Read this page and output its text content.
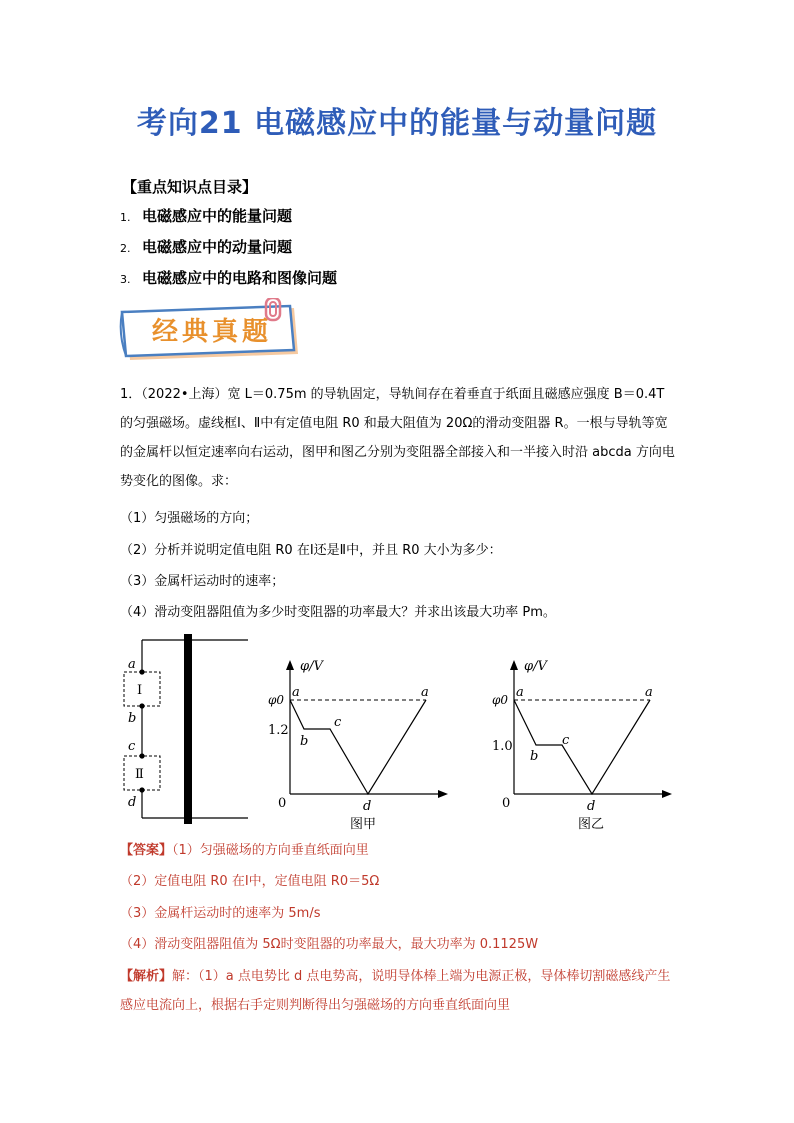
考向21 电磁感应中的能量与动量问题
【重点知识点目录】
1. 电磁感应中的能量问题
2. 电磁感应中的动量问题
3. 电磁感应中的电路和图像问题
经典真题
1．（2022•上海）宽 L＝0.75m 的导轨固定，导轨间存在着垂直于纸面且磁感应强度 B＝0.4T 的匀强磁场。虚线框Ⅰ、Ⅱ中有定值电阻 R0 和最大阻值为 20Ω的滑动变阻器 R。一根与导轨等宽的金属杆以恒定速率向右运动，图甲和图乙分别为变阻器全部接入和一半接入时沿 abcda 方向电势变化的图像。求：
（1）匀强磁场的方向；
（2）分析并说明定值电阻 R0 在Ⅰ还是Ⅱ中，并且 R0 大小为多少：
（3）金属杆运动时的速率；
（4）滑动变阻器阻值为多少时变阻器的功率最大？并求出该最大功率 Pm。
a
b
c
d
Ⅰ
Ⅱ
φ/V
φ0
1.2
0
a
b
c
d
a
图甲
φ/V
φ0
1.0
0
a
b
c
d
a
图乙
【答案】（1）匀强磁场的方向垂直纸面向里
（2）定值电阻 R0 在Ⅰ中，定值电阻 R0＝5Ω
（3）金属杆运动时的速率为 5m/s
（4）滑动变阻器阻值为 5Ω时变阻器的功率最大，最大功率为 0.1125W
【解析】解：（1）a 点电势比 d 点电势高，说明导体棒上端为电源正极，导体棒切割磁感线产生感应电流向上，根据右手定则判断得出匀强磁场的方向垂直纸面向里
